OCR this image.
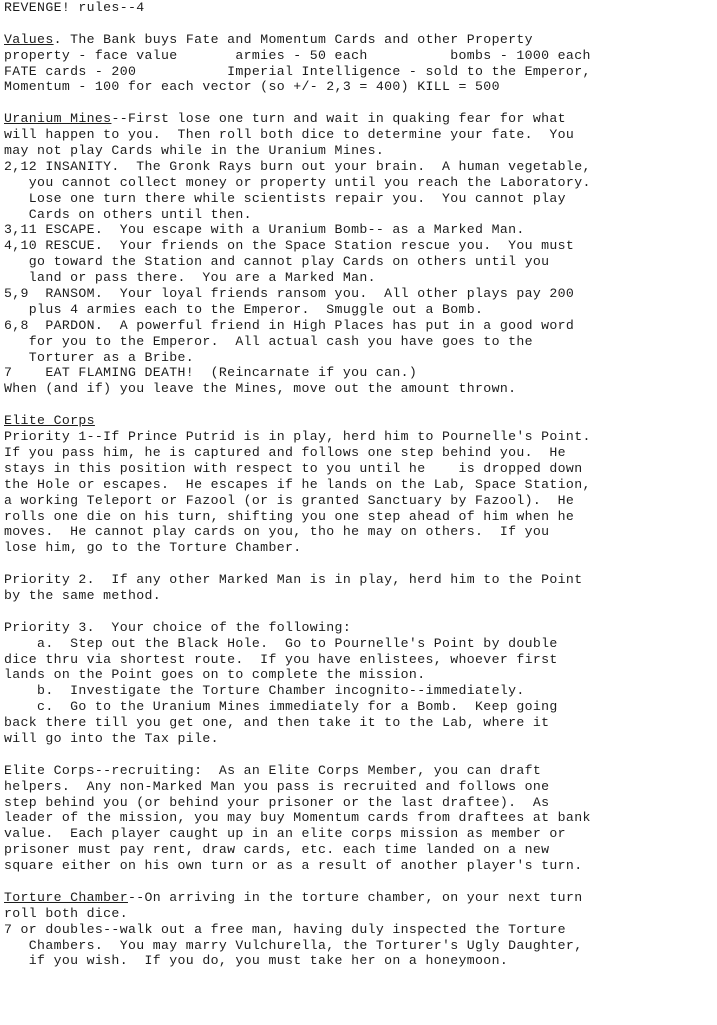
REVENGE! rules--4
Values. The Bank buys Fate and Momentum Cards and other Property
property - face value       armies - 50 each          bombs - 1000 each
FATE cards - 200           Imperial Intelligence - sold to the Emperor,
Momentum - 100 for each vector (so +/- 2,3 = 400) KILL = 500
Uranium Mines--First lose one turn and wait in quaking fear for what
will happen to you.  Then roll both dice to determine your fate.  You
may not play Cards while in the Uranium Mines.
2,12 INSANITY.  The Gronk Rays burn out your brain.  A human vegetable,
you cannot collect money or property until you reach the Laboratory.
Lose one turn there while scientists repair you.  You cannot play
Cards on others until then.
3,11 ESCAPE.  You escape with a Uranium Bomb-- as a Marked Man.
4,10 RESCUE.  Your friends on the Space Station rescue you.  You must
go toward the Station and cannot play Cards on others until you
land or pass there.  You are a Marked Man.
5,9  RANSOM.  Your loyal friends ransom you.  All other plays pay 200
plus 4 armies each to the Emperor.  Smuggle out a Bomb.
6,8  PARDON.  A powerful friend in High Places has put in a good word
for you to the Emperor.  All actual cash you have goes to the
Torturer as a Bribe.
7    EAT FLAMING DEATH!  (Reincarnate if you can.)
When (and if) you leave the Mines, move out the amount thrown.
Elite Corps
Priority 1--If Prince Putrid is in play, herd him to Pournelle's Point.
If you pass him, he is captured and follows one step behind you.  He
stays in this position with respect to you until he    is dropped down
the Hole or escapes.  He escapes if he lands on the Lab, Space Station,
a working Teleport or Fazool (or is granted Sanctuary by Fazool).  He
rolls one die on his turn, shifting you one step ahead of him when he
moves.  He cannot play cards on you, tho he may on others.  If you
lose him, go to the Torture Chamber.
Priority 2.  If any other Marked Man is in play, herd him to the Point
by the same method.
Priority 3.  Your choice of the following:
a.  Step out the Black Hole.  Go to Pournelle's Point by double
dice thru via shortest route.  If you have enlistees, whoever first
lands on the Point goes on to complete the mission.
b.  Investigate the Torture Chamber incognito--immediately.
c.  Go to the Uranium Mines immediately for a Bomb.  Keep going
back there till you get one, and then take it to the Lab, where it
will go into the Tax pile.
Elite Corps--recruiting:  As an Elite Corps Member, you can draft
helpers.  Any non-Marked Man you pass is recruited and follows one
step behind you (or behind your prisoner or the last draftee).  As
leader of the mission, you may buy Momentum cards from draftees at bank
value.  Each player caught up in an elite corps mission as member or
prisoner must pay rent, draw cards, etc. each time landed on a new
square either on his own turn or as a result of another player's turn.
Torture Chamber--On arriving in the torture chamber, on your next turn
roll both dice.
7 or doubles--walk out a free man, having duly inspected the Torture
Chambers.  You may marry Vulchurella, the Torturer's Ugly Daughter,
if you wish.  If you do, you must take her on a honeymoon.
